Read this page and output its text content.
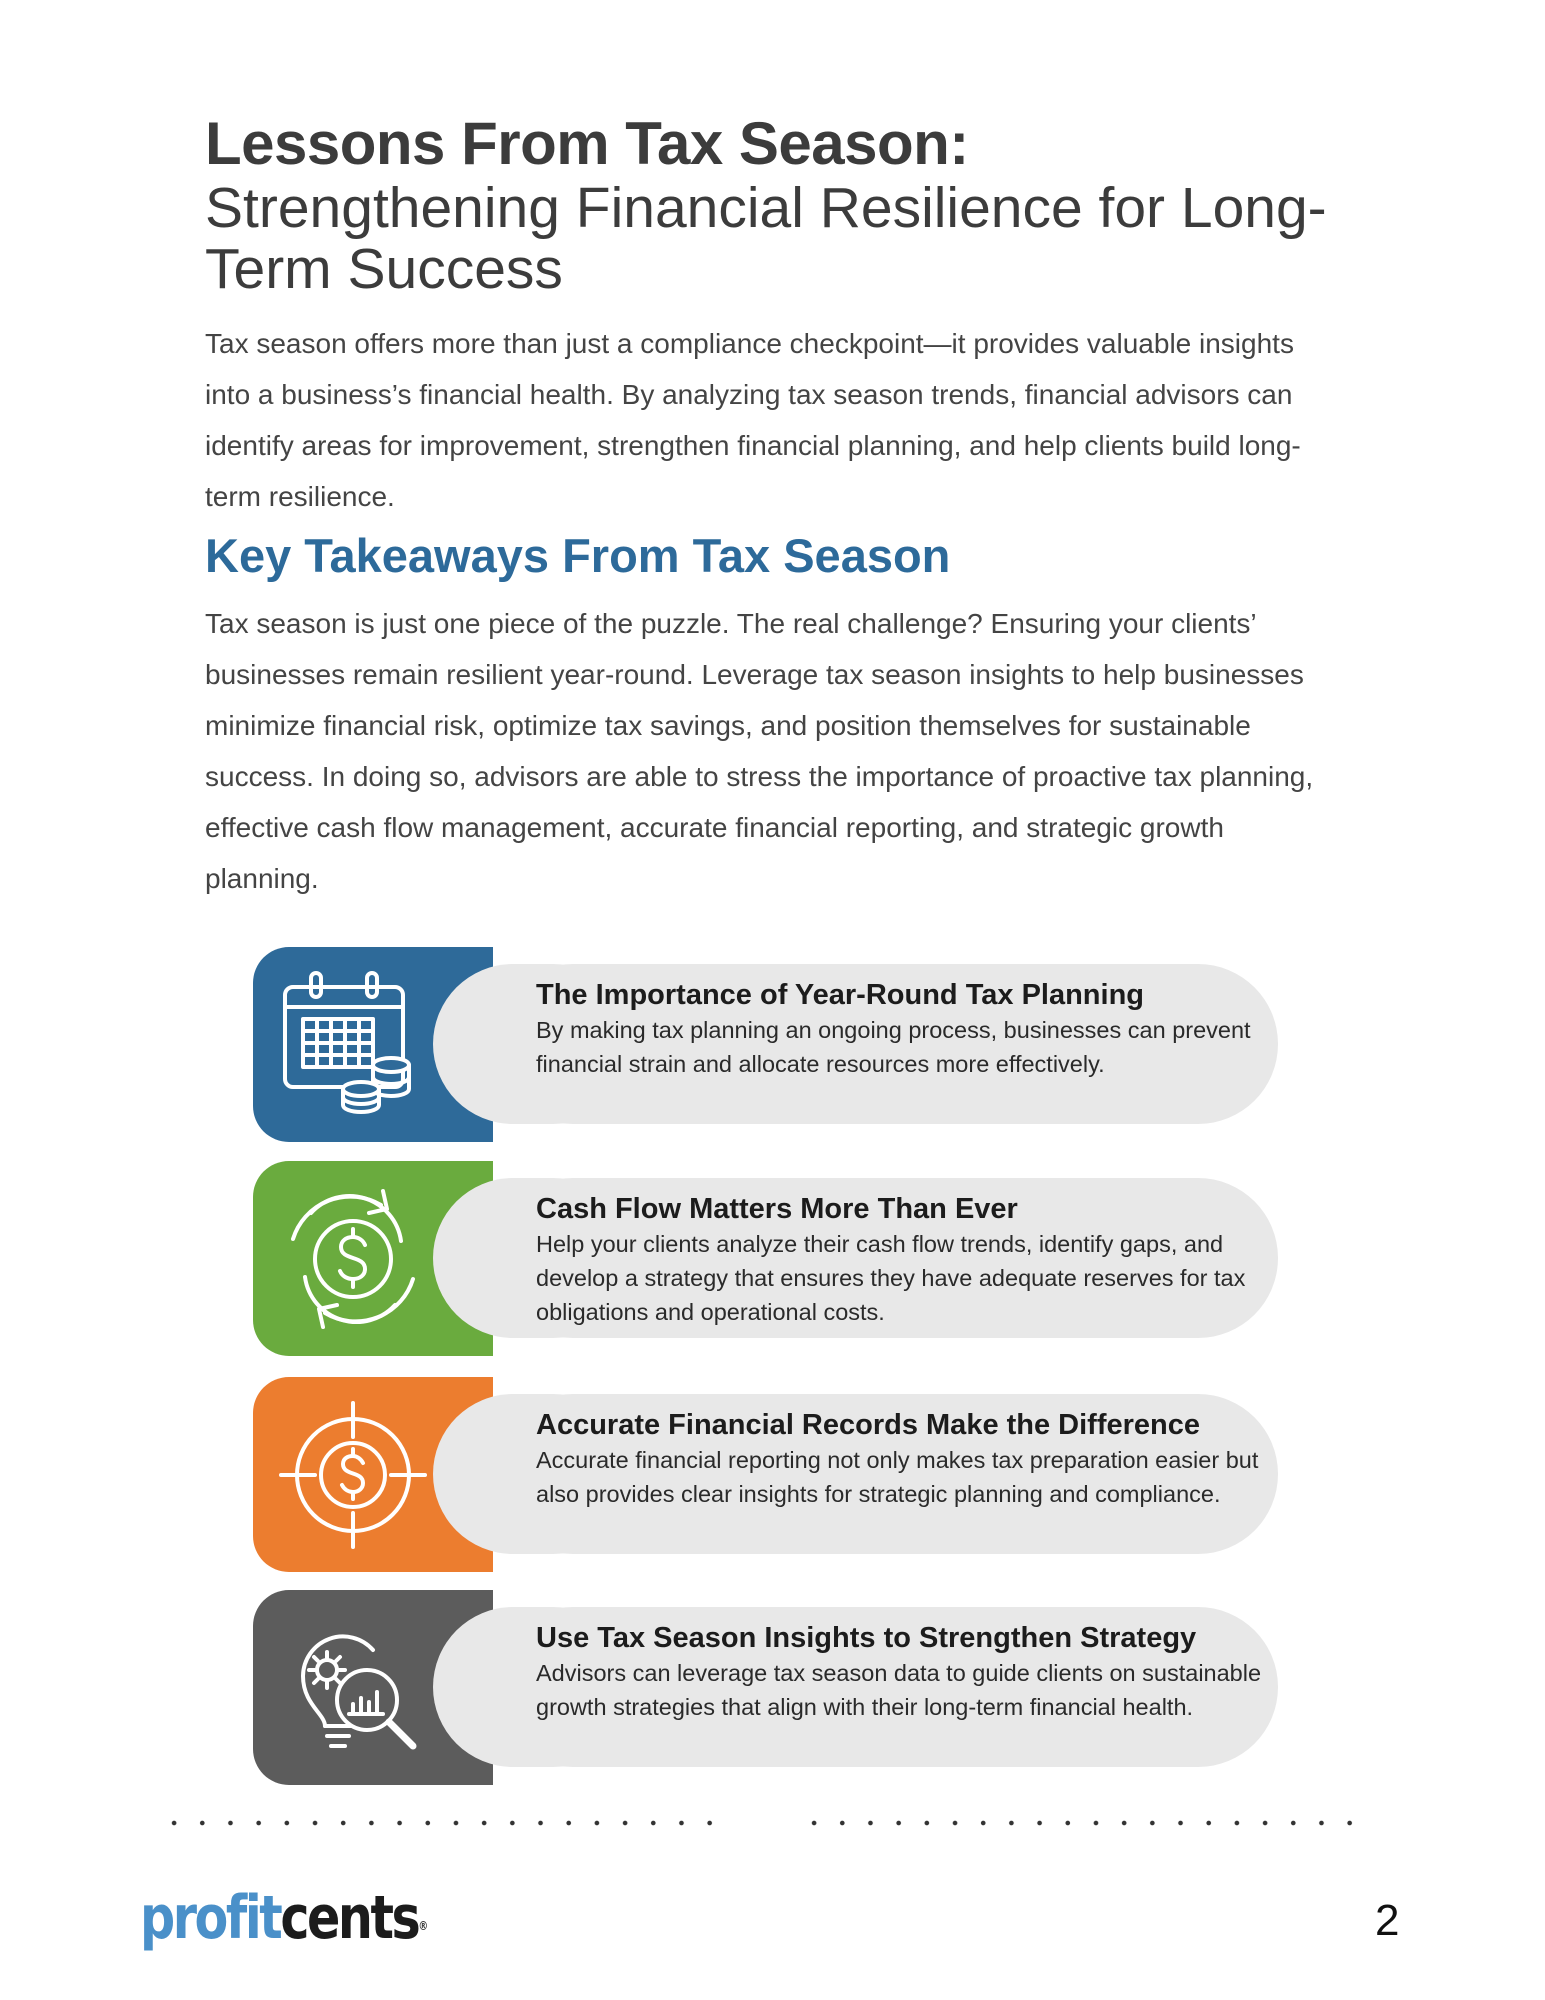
Lessons From Tax Season:
Strengthening Financial Resilience for Long-Term Success
Tax season offers more than just a compliance checkpoint—it provides valuable insights into a business’s financial health. By analyzing tax season trends, financial advisors can identify areas for improvement, strengthen financial planning, and help clients build long-term resilience.
Key Takeaways From Tax Season
Tax season is just one piece of the puzzle. The real challenge? Ensuring your clients’ businesses remain resilient year-round. Leverage tax season insights to help businesses minimize financial risk, optimize tax savings, and position themselves for sustainable success. In doing so, advisors are able to stress the importance of proactive tax planning, effective cash flow management, accurate financial reporting, and strategic growth planning.
The Importance of Year-Round Tax Planning
By making tax planning an ongoing process, businesses can prevent financial strain and allocate resources more effectively.
Cash Flow Matters More Than Ever
Help your clients analyze their cash flow trends, identify gaps, and develop a strategy that ensures they have adequate reserves for tax obligations and operational costs.
Accurate Financial Records Make the Difference
Accurate financial reporting not only makes tax preparation easier but also provides clear insights for strategic planning and compliance.
Use Tax Season Insights to Strengthen Strategy
Advisors can leverage tax season data to guide clients on sustainable growth strategies that align with their long-term financial health.
profitcents®	2
